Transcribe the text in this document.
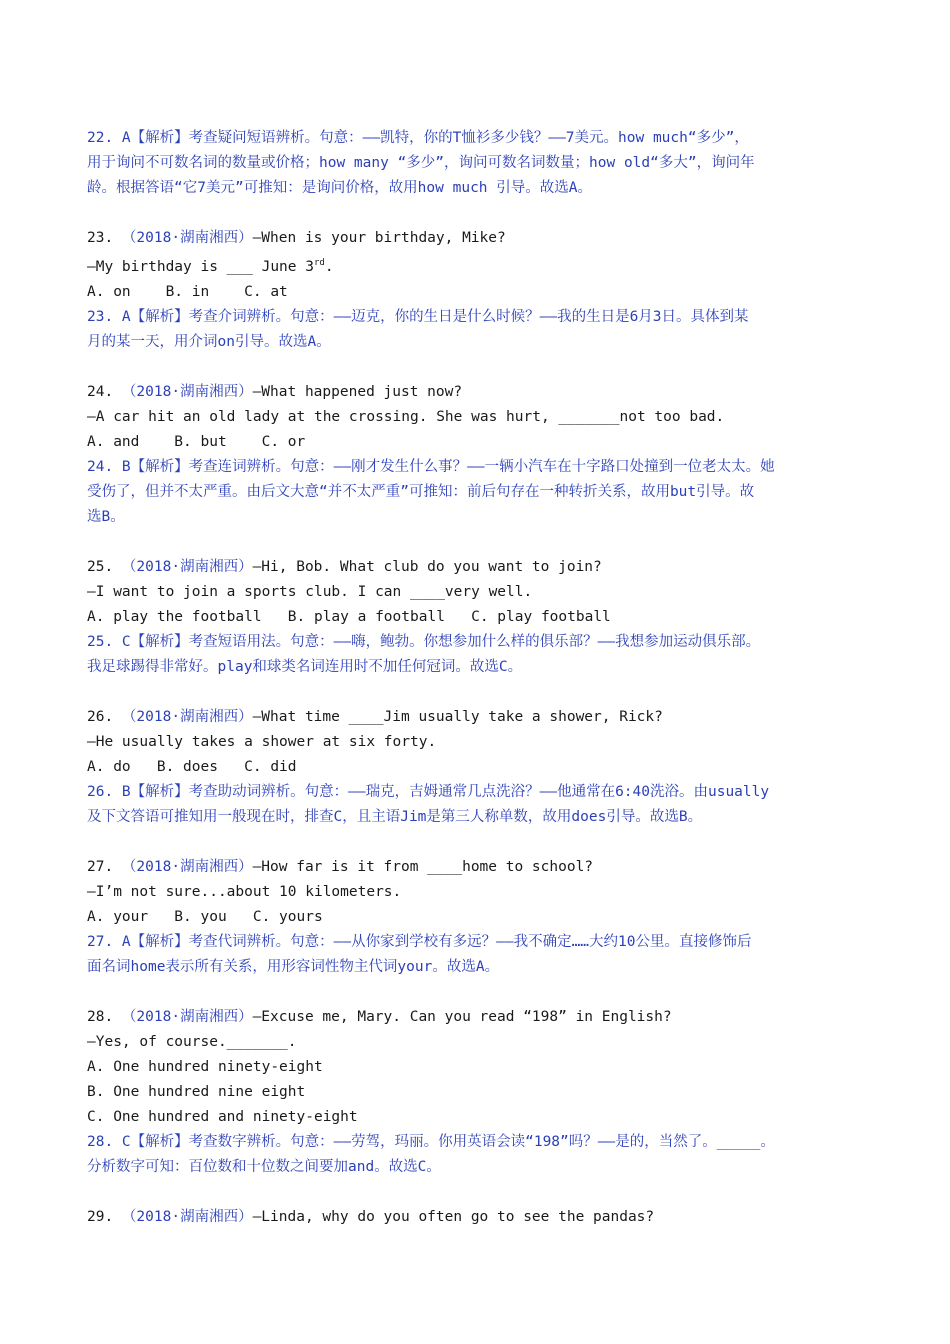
22. A【解析】考查疑问短语辨析。句意：——凯特，你的T恤衫多少钱？——7美元。how much“多少”，
用于询问不可数名词的数量或价格；how many “多少”，询问可数名词数量；how old“多大”，询问年
龄。根据答语“它7美元”可推知：是询问价格，故用how much 引导。故选A。
23. （2018·湖南湘西）—When is your birthday, Mike?
—My birthday is ___ June 3rd.
A. on    B. in    C. at
23. A【解析】考查介词辨析。句意：——迈克，你的生日是什么时候？——我的生日是6月3日。具体到某
月的某一天，用介词on引导。故选A。
24. （2018·湖南湘西）—What happened just now?
—A car hit an old lady at the crossing. She was hurt, _______not too bad.
A. and    B. but    C. or
24. B【解析】考查连词辨析。句意：——刚才发生什么事？——一辆小汽车在十字路口处撞到一位老太太。她
受伤了，但并不太严重。由后文大意“并不太严重”可推知：前后句存在一种转折关系，故用but引导。故
选B。
25. （2018·湖南湘西）—Hi, Bob. What club do you want to join?
—I want to join a sports club. I can ____very well.
A. play the football   B. play a football   C. play football
25. C【解析】考查短语用法。句意：——嗨，鲍勃。你想参加什么样的俱乐部？——我想参加运动俱乐部。
我足球踢得非常好。play和球类名词连用时不加任何冠词。故选C。
26. （2018·湖南湘西）—What time ____Jim usually take a shower, Rick?
—He usually takes a shower at six forty.
A. do   B. does   C. did
26. B【解析】考查助动词辨析。句意：——瑞克，吉姆通常几点洗浴？——他通常在6:40洗浴。由usually
及下文答语可推知用一般现在时，排查C，且主语Jim是第三人称单数，故用does引导。故选B。
27. （2018·湖南湘西）—How far is it from ____home to school?
—I’m not sure...about 10 kilometers.
A. your   B. you   C. yours
27. A【解析】考查代词辨析。句意：——从你家到学校有多远？——我不确定……大约10公里。直接修饰后
面名词home表示所有关系，用形容词性物主代词your。故选A。
28. （2018·湖南湘西）—Excuse me, Mary. Can you read “198” in English?
—Yes, of course._______.
A. One hundred ninety-eight
B. One hundred nine eight
C. One hundred and ninety-eight
28. C【解析】考查数字辨析。句意：——劳驾，玛丽。你用英语会读“198”吗？——是的，当然了。_____。
分析数字可知：百位数和十位数之间要加and。故选C。
29. （2018·湖南湘西）—Linda, why do you often go to see the pandas?
